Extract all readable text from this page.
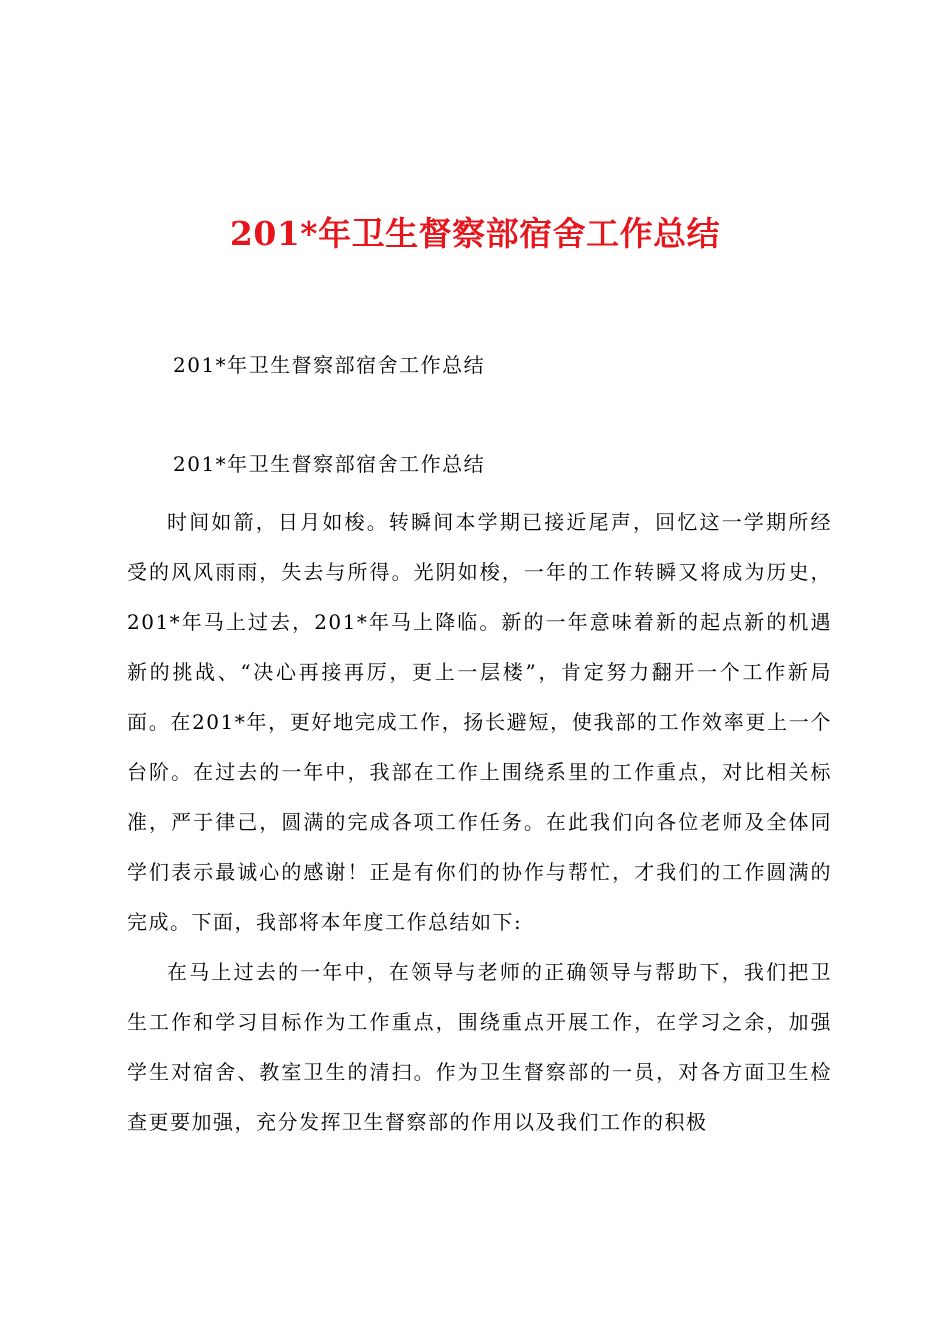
201*年卫生督察部宿舍工作总结
201*年卫生督察部宿舍工作总结
201*年卫生督察部宿舍工作总结

时间如箭，日月如梭。转瞬间本学期已接近尾声，回忆这一学期所经受的风风雨雨，失去与所得。光阴如梭，一年的工作转瞬又将成为历史，201*年马上过去，201*年马上降临。新的一年意味着新的起点新的机遇新的挑战、“决心再接再厉，更上一层楼”，肯定努力翻开一个工作新局面。在201*年，更好地完成工作，扬长避短，使我部的工作效率更上一个台阶。在过去的一年中，我部在工作上围绕系里的工作重点，对比相关标准，严于律己，圆满的完成各项工作任务。在此我们向各位老师及全体同学们表示最诚心的感谢！正是有你们的协作与帮忙，才我们的工作圆满的完成。下面，我部将本年度工作总结如下:

在马上过去的一年中，在领导与老师的正确领导与帮助下，我们把卫生工作和学习目标作为工作重点，围绕重点开展工作，在学习之余，加强学生对宿舍、教室卫生的清扫。作为卫生督察部的一员，对各方面卫生检查更要加强，充分发挥卫生督察部的作用以及我们工作的积极
